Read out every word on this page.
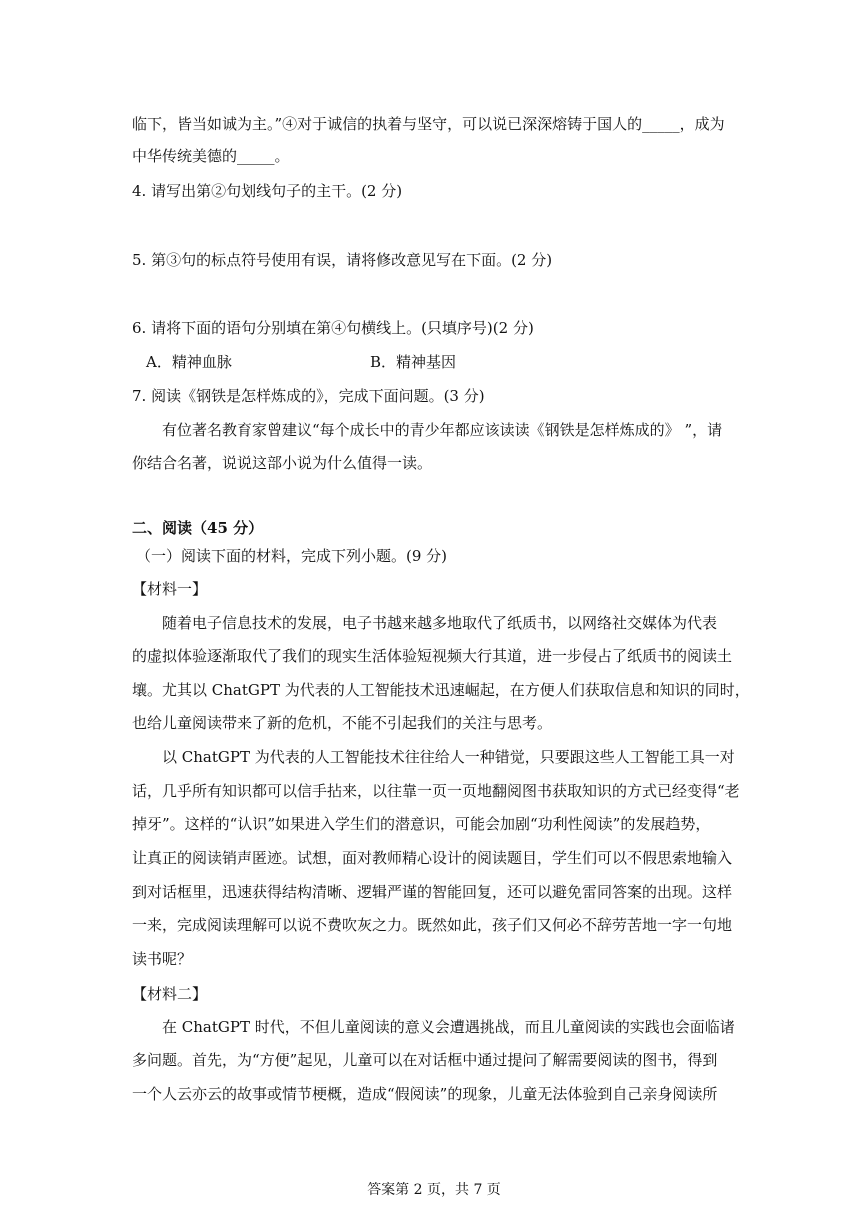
临下，皆当如诚为主。”④对于诚信的执着与坚守，可以说已深深熔铸于国人的_____，成为
中华传统美德的_____。
4. 请写出第②句划线句子的主干。(2 分)
5. 第③句的标点符号使用有误，请将修改意见写在下面。(2 分)
6. 请将下面的语句分别填在第④句横线上。(只填序号)(2 分)
A．精神血脉	B．精神基因
7. 阅读《钢铁是怎样炼成的》，完成下面问题。(3 分)
有位著名教育家曾建议“每个成长中的青少年都应该读读《钢铁是怎样炼成的》 ”，请
你结合名著，说说这部小说为什么值得一读。
二、阅读（45 分）
（一）阅读下面的材料，完成下列小题。(9 分)
【材料一】
随着电子信息技术的发展，电子书越来越多地取代了纸质书，以网络社交媒体为代表
的虚拟体验逐渐取代了我们的现实生活体验短视频大行其道，进一步侵占了纸质书的阅读土
壤。尤其以 ChatGPT 为代表的人工智能技术迅速崛起，在方便人们获取信息和知识的同时，
也给儿童阅读带来了新的危机，不能不引起我们的关注与思考。
以 ChatGPT 为代表的人工智能技术往往给人一种错觉，只要跟这些人工智能工具一对
话，几乎所有知识都可以信手拈来，以往靠一页一页地翻阅图书获取知识的方式已经变得“老
掉牙”。这样的“认识”如果进入学生们的潜意识，可能会加剧“功利性阅读”的发展趋势，
让真正的阅读销声匿迹。试想，面对教师精心设计的阅读题目，学生们可以不假思索地输入
到对话框里，迅速获得结构清晰、逻辑严谨的智能回复，还可以避免雷同答案的出现。这样
一来，完成阅读理解可以说不费吹灰之力。既然如此，孩子们又何必不辞劳苦地一字一句地
读书呢？
【材料二】
在 ChatGPT 时代，不但儿童阅读的意义会遭遇挑战，而且儿童阅读的实践也会面临诸
多问题。首先，为“方便”起见，儿童可以在对话框中通过提问了解需要阅读的图书，得到
一个人云亦云的故事或情节梗概，造成“假阅读”的现象，儿童无法体验到自己亲身阅读所
答案第 2 页，共 7 页
